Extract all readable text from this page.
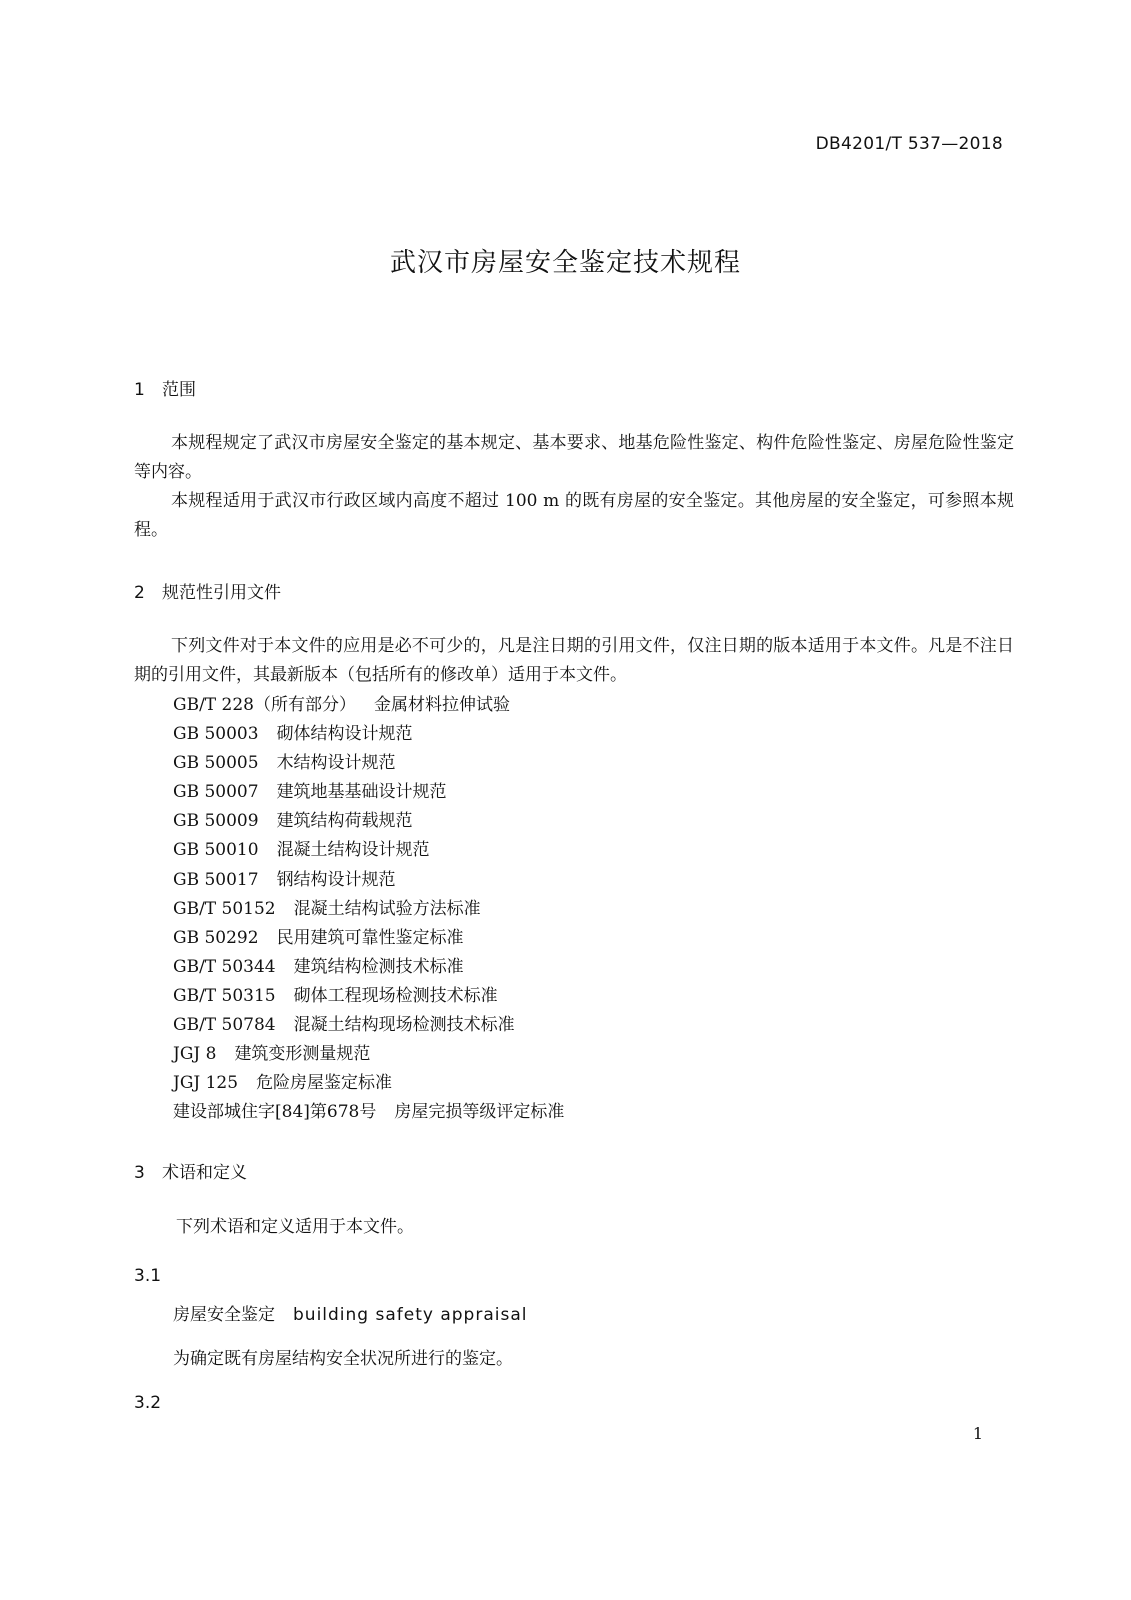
DB4201/T 537—2018
武汉市房屋安全鉴定技术规程
1 范围
本规程规定了武汉市房屋安全鉴定的基本规定、基本要求、地基危险性鉴定、构件危险性鉴定、房屋危险性鉴定等内容。
本规程适用于武汉市行政区域内高度不超过 100 m 的既有房屋的安全鉴定。其他房屋的安全鉴定，可参照本规程。
2 规范性引用文件
下列文件对于本文件的应用是必不可少的，凡是注日期的引用文件，仅注日期的版本适用于本文件。凡是不注日期的引用文件，其最新版本（包括所有的修改单）适用于本文件。
GB/T 228（所有部分） 金属材料拉伸试验
GB 50003 砌体结构设计规范
GB 50005 木结构设计规范
GB 50007 建筑地基基础设计规范
GB 50009 建筑结构荷载规范
GB 50010 混凝土结构设计规范
GB 50017 钢结构设计规范
GB/T 50152 混凝土结构试验方法标准
GB 50292 民用建筑可靠性鉴定标准
GB/T 50344 建筑结构检测技术标准
GB/T 50315 砌体工程现场检测技术标准
GB/T 50784 混凝土结构现场检测技术标准
JGJ 8 建筑变形测量规范
JGJ 125 危险房屋鉴定标准
建设部城住字[84]第678号 房屋完损等级评定标准
3 术语和定义
下列术语和定义适用于本文件。
3.1
房屋安全鉴定 building safety appraisal
为确定既有房屋结构安全状况所进行的鉴定。
3.2
1
